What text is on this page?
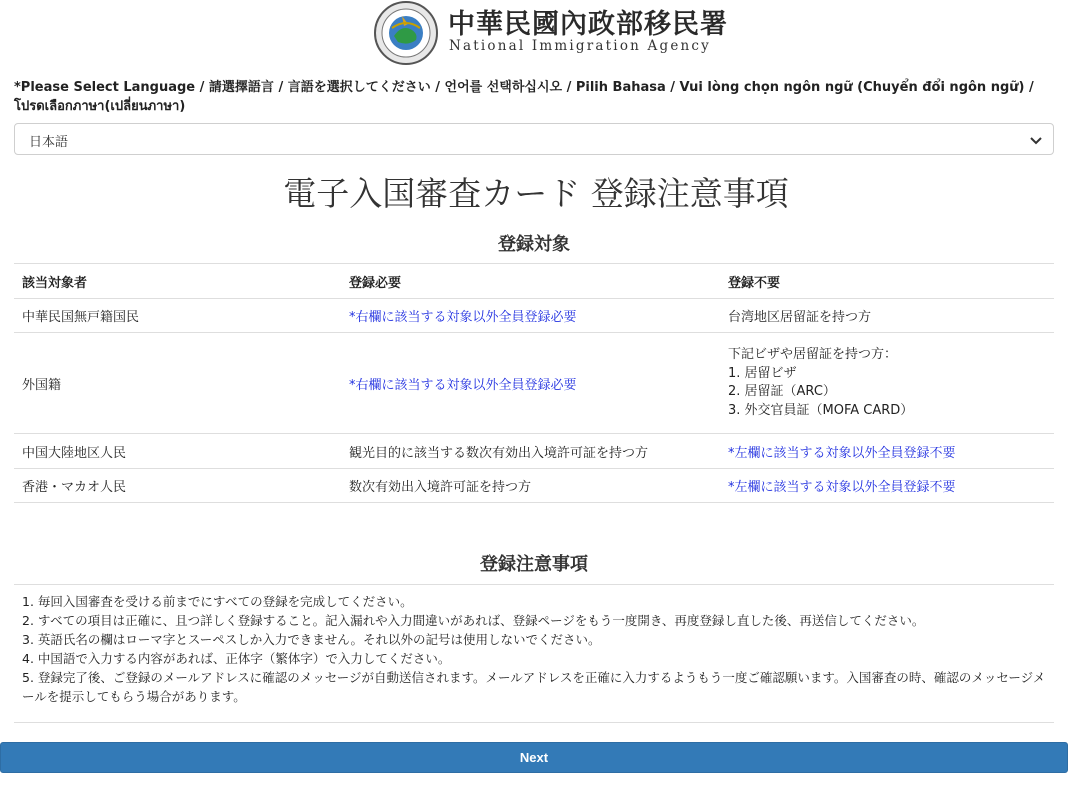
中華民國內政部移民署
National Immigration Agency
*Please Select Language / 請選擇語言 / 言語を選択してください / 언어를 선택하십시오 / Pilih Bahasa / Vui lòng chọn ngôn ngữ (Chuyển đổi ngôn ngữ) / โปรดเลือกภาษา(เปลี่ยนภาษา)
日本語
電子入国審査カード 登録注意事項
登録対象
該当対象者	登録必要	登録不要
中華民国無戸籍国民	*右欄に該当する対象以外全員登録必要	台湾地区居留証を持つ方
外国籍	*右欄に該当する対象以外全員登録必要	下記ビザや居留証を持つ方：
1. 居留ビザ
2. 居留証（ARC）
3. 外交官員証（MOFA CARD）

中国大陸地区人民	観光目的に該当する数次有効出入境許可証を持つ方	*左欄に該当する対象以外全員登録不要
香港・マカオ人民	数次有効出入境許可証を持つ方	*左欄に該当する対象以外全員登録不要
登録注意事項
1. 毎回入国審査を受ける前までにすべての登録を完成してください。
2. すべての項目は正確に、且つ詳しく登録すること。記入漏れや入力間違いがあれば、登録ページをもう一度開き、再度登録し直した後、再送信してください。
3. 英語氏名の欄はローマ字とスーペスしか入力できません。それ以外の記号は使用しないでください。
4. 中国語で入力する内容があれば、正体字（繁体字）で入力してください。
5. 登録完了後、ご登録のメールアドレスに確認のメッセージが自動送信されます。メールアドレスを正確に入力するようもう一度ご確認願います。入国審査の時、確認のメッセージメールを提示してもらう場合があります。
Next
